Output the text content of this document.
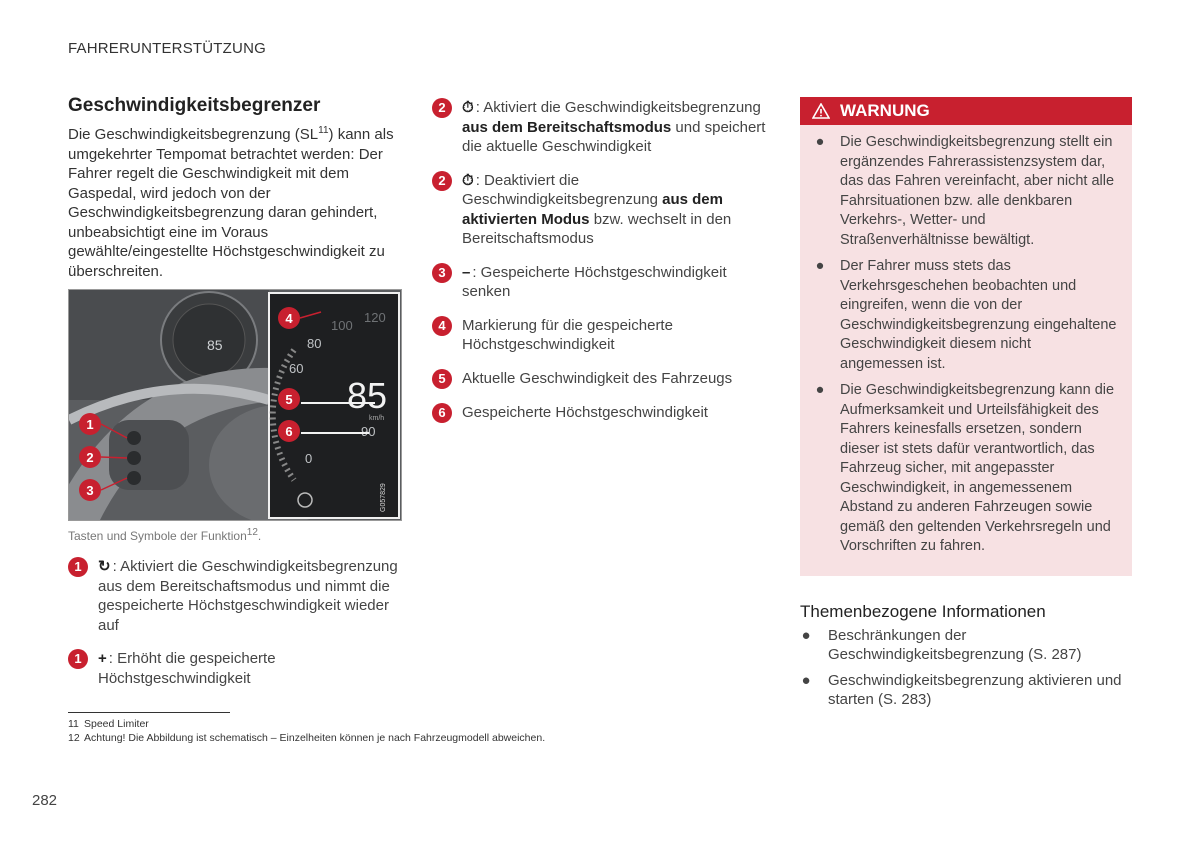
FAHRERUNTERSTÜTZUNG
Geschwindigkeitsbegrenzer

Die Geschwindigkeitsbegrenzung (SL$^{11}$) kann als umgekehrter Tempomat betrachtet werden: Der Fahrer regelt die Geschwindigkeit mit dem Gaspedal, wird jedoch von der Geschwindigkeitsbegrenzung daran gehindert, unbeabsichtigt eine im Voraus gewählte/eingestellte Höchstgeschwindigkeit zu überschreiten.

85
100
120
80
60
85
km/h
90
0
G057829
1
2
3
4
5
6

Tasten und Symbole der Funktion$^{12}$.

1	↻ : Aktiviert die Geschwindigkeitsbegrenzung aus dem Bereitschaftsmodus und nimmt die gespeicherte Höchstgeschwindigkeit wieder auf
1	+ : Erhöht die gespeicherte Höchstgeschwindigkeit
2	⏱ : Aktiviert die Geschwindigkeitsbegrenzung aus dem Bereitschaftsmodus und speichert die aktuelle Geschwindigkeit
2	⏱ : Deaktiviert die Geschwindigkeitsbegrenzung aus dem aktivierten Modus bzw. wechselt in den Bereitschaftsmodus
3	– : Gespeicherte Höchstgeschwindigkeit senken
4	Markierung für die gespeicherte Höchstgeschwindigkeit
5	Aktuelle Geschwindigkeit des Fahrzeugs
6	Gespeicherte Höchstgeschwindigkeit
WARNUNG
● Die Geschwindigkeitsbegrenzung stellt ein ergänzendes Fahrerassistenzsystem dar, das das Fahren vereinfacht, aber nicht alle Fahrsituationen bzw. alle denkbaren Verkehrs-, Wetter- und Straßenverhältnisse bewältigt.
● Der Fahrer muss stets das Verkehrsgeschehen beobachten und eingreifen, wenn die von der Geschwindigkeitsbegrenzung eingehaltene Geschwindigkeit diesem nicht angemessen ist.
● Die Geschwindigkeitsbegrenzung kann die Aufmerksamkeit und Urteilsfähigkeit des Fahrers keinesfalls ersetzen, sondern dieser ist stets dafür verantwortlich, das Fahrzeug sicher, mit angepasster Geschwindigkeit, in angemessenem Abstand zu anderen Fahrzeugen sowie gemäß den geltenden Verkehrsregeln und Vorschriften zu fahren.
Themenbezogene Informationen
● Beschränkungen der Geschwindigkeitsbegrenzung (S. 287)
● Geschwindigkeitsbegrenzung aktivieren und starten (S. 283)
11 Speed Limiter
12 Achtung! Die Abbildung ist schematisch – Einzelheiten können je nach Fahrzeugmodell abweichen.
282
